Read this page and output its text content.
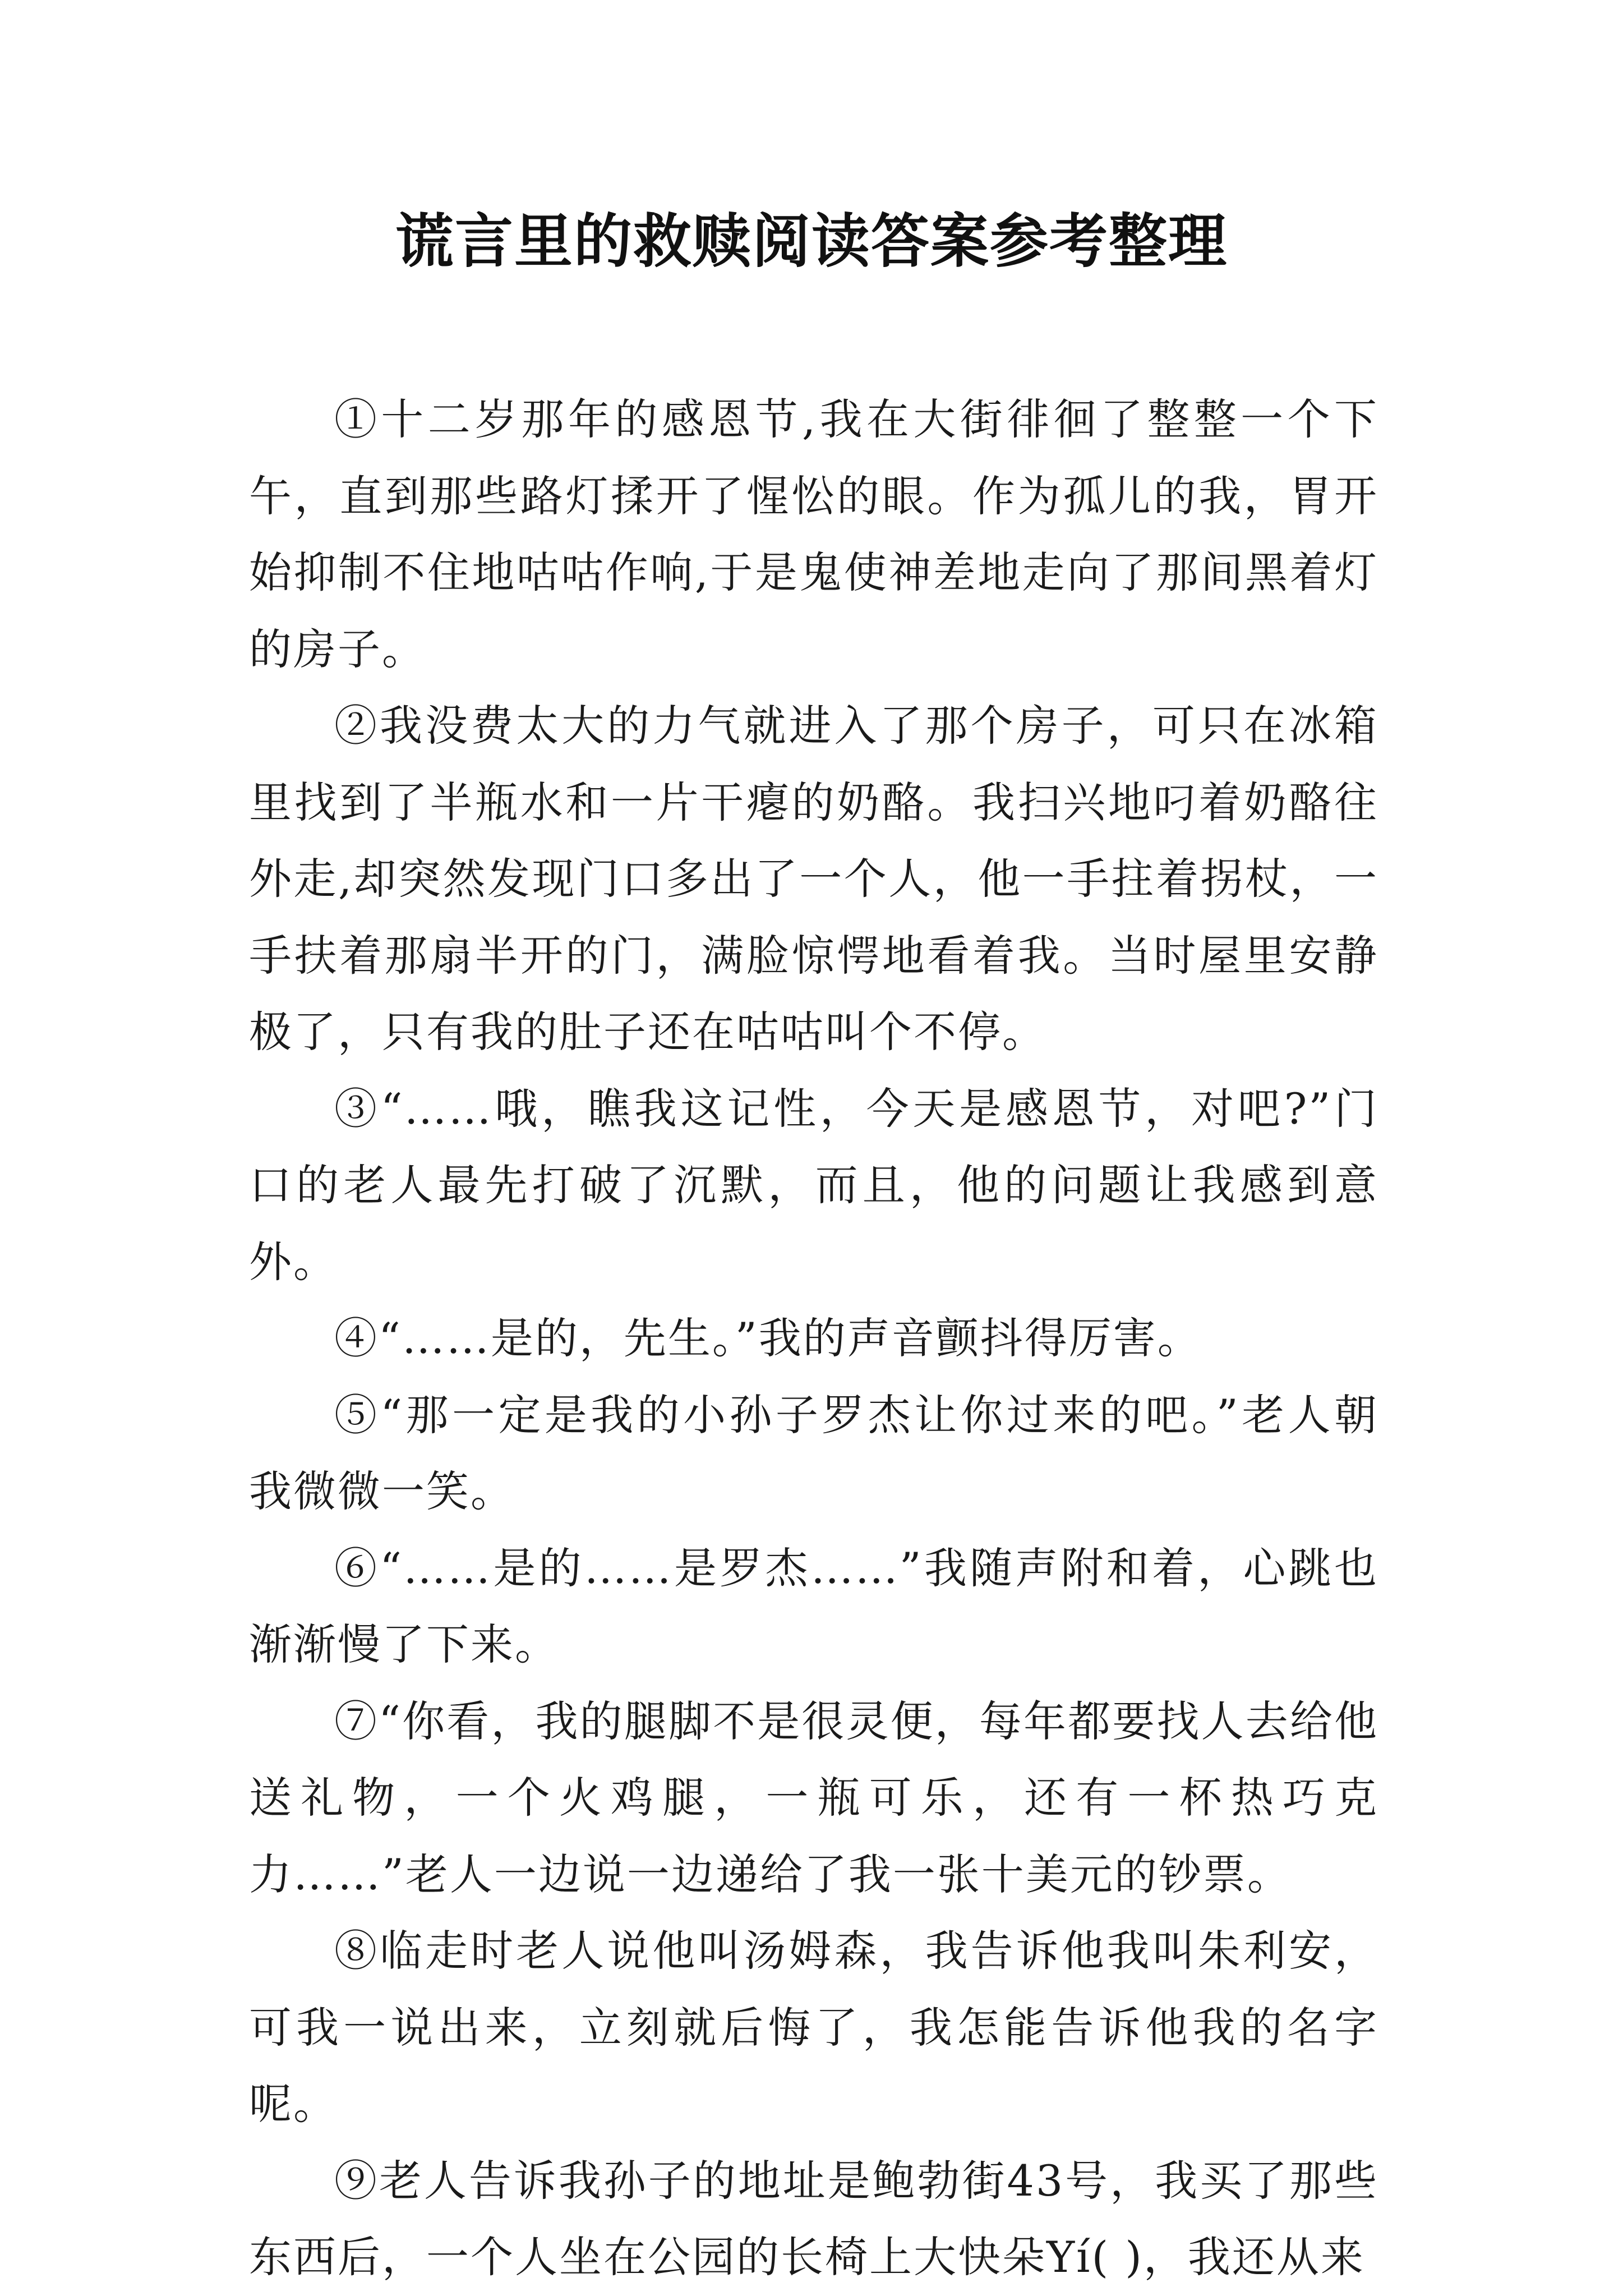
谎言里的救赎阅读答案参考整理

①十二岁那年的感恩节,我在大街徘徊了整整一个下午，直到那些路灯揉开了惺忪的眼。作为孤儿的我，胃开始抑制不住地咕咕作响,于是鬼使神差地走向了那间黑着灯的房子。

②我没费太大的力气就进入了那个房子，可只在冰箱里找到了半瓶水和一片干瘪的奶酪。我扫兴地叼着奶酪往外走,却突然发现门口多出了一个人，他一手拄着拐杖，一手扶着那扇半开的门，满脸惊愕地看着我。当时屋里安静极了，只有我的肚子还在咕咕叫个不停。

③“……哦，瞧我这记性，今天是感恩节，对吧?”门口的老人最先打破了沉默，而且，他的问题让我感到意外。

④“……是的，先生。”我的声音颤抖得厉害。

⑤“那一定是我的小孙子罗杰让你过来的吧。”老人朝我微微一笑。

⑥“……是的……是罗杰……”我随声附和着，心跳也渐渐慢了下来。

⑦“你看，我的腿脚不是很灵便，每年都要找人去给他送礼物，一个火鸡腿，一瓶可乐，还有一杯热巧克力……”老人一边说一边递给了我一张十美元的钞票。

⑧临走时老人说他叫汤姆森，我告诉他我叫朱利安，可我一说出来，立刻就后悔了，我怎能告诉他我的名字呢。

⑨老人告诉我孙子的地址是鲍勃街43号，我买了那些东西后，一个人坐在公园的长椅上大快朵Yí( )，我还从来
